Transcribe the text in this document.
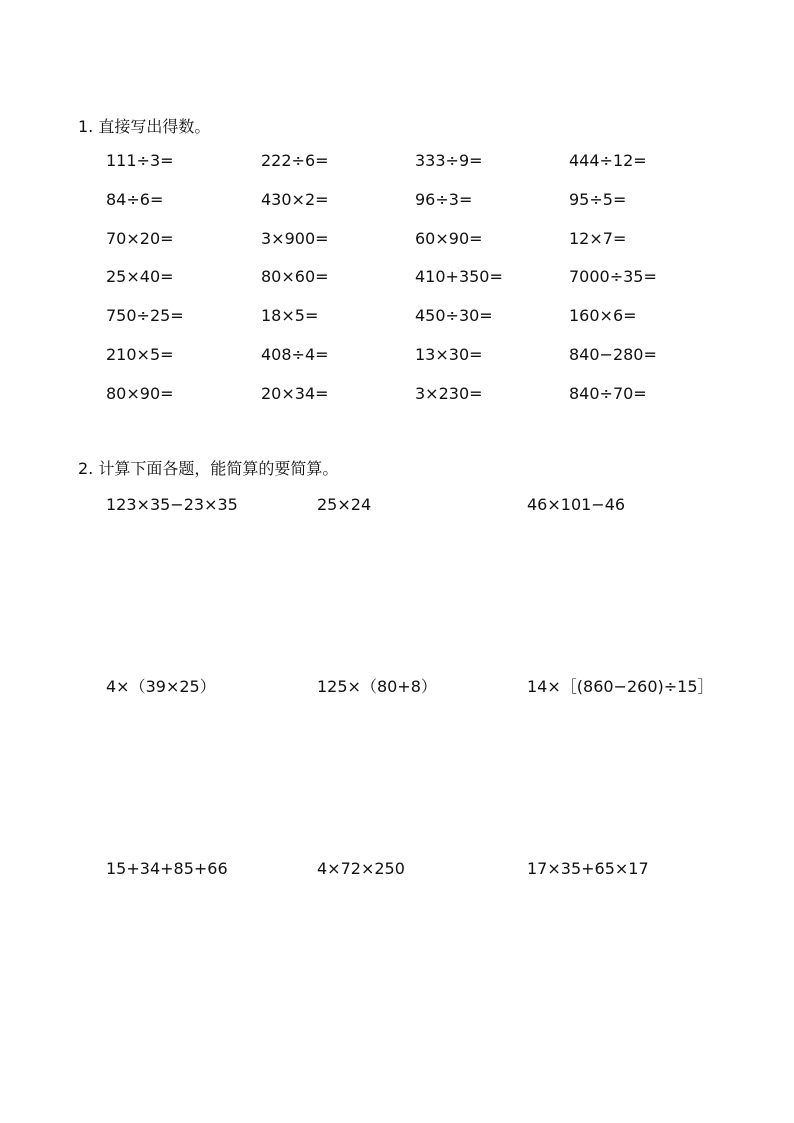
1. 直接写出得数。
111÷3=	222÷6=	333÷9=	444÷12=
84÷6=	430×2=	96÷3=	95÷5=
70×20=	3×900=	60×90=	12×7=
25×40=	80×60=	410+350=	7000÷35=
750÷25=	18×5=	450÷30=	160×6=
210×5=	408÷4=	13×30=	840−280=
80×90=	20×34=	3×230=	840÷70=
2. 计算下面各题，能简算的要简算。
123×35−23×35	25×24	46×101−46
4×（39×25）	125×（80+8）	14×［(860−260)÷15］
15+34+85+66	4×72×250	17×35+65×17
